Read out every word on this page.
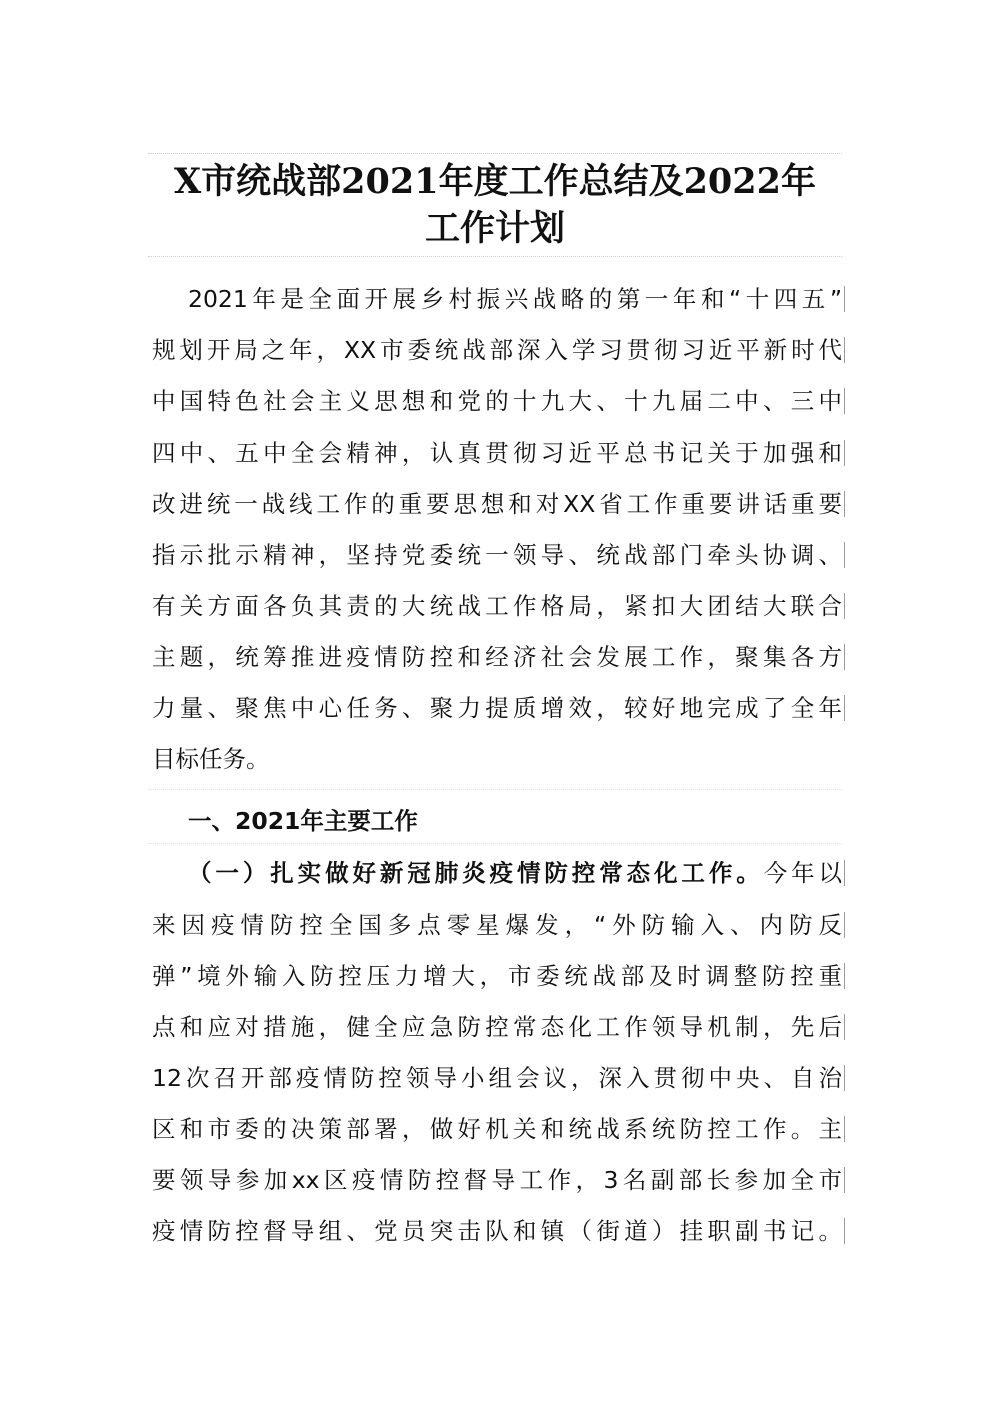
X市统战部2021年度工作总结及2022年
工作计划
2021年是全面开展乡村振兴战略的第一年和“十四五”
规划开局之年，XX市委统战部深入学习贯彻习近平新时代
中国特色社会主义思想和党的十九大、十九届二中、三中
四中、五中全会精神，认真贯彻习近平总书记关于加强和
改进统一战线工作的重要思想和对XX省工作重要讲话重要
指示批示精神，坚持党委统一领导、统战部门牵头协调、
有关方面各负其责的大统战工作格局，紧扣大团结大联合
主题，统筹推进疫情防控和经济社会发展工作，聚集各方
力量、聚焦中心任务、聚力提质增效，较好地完成了全年
目标任务。
一、2021年主要工作
（一）扎实做好新冠肺炎疫情防控常态化工作。今年以
来因疫情防控全国多点零星爆发，“外防输入、内防反
弹”境外输入防控压力增大，市委统战部及时调整防控重
点和应对措施，健全应急防控常态化工作领导机制，先后
12次召开部疫情防控领导小组会议，深入贯彻中央、自治
区和市委的决策部署，做好机关和统战系统防控工作。主
要领导参加xx区疫情防控督导工作，3名副部长参加全市
疫情防控督导组、党员突击队和镇（街道）挂职副书记。
